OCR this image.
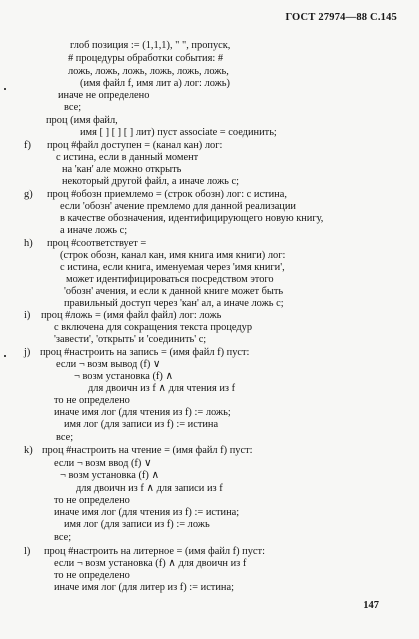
ГОСТ 27974—88 С.145
глоб позиция := (1,1,1), " ", пропуск,
# процедуры обработки события: #
ложь, ложь, ложь, ложь, ложь, ложь,
(имя файл f, имя лит а) лог: ложь)
иначе не определено
все;
проц (имя файл,
имя [ ] [ ] [ ] лит) пуст associate = соединить;
f) проц #файл доступен = (канал кан) лог:
с истина, если в данный момент
на 'кан' але можно открыть
некоторый другой файл, а иначе ложь с;
g) проц #обозн приемлемо = (строк обозн) лог: с истина,
если 'обозн' ачение премлемо для данной реализации
в качестве обозначения, идентифицирующего новую книгу,
а иначе ложь с;
h) проц #соответствует =
(строк обозн, канал кан, имя книга имя книги) лог:
с истина, если книга, именуемая через 'имя книги',
может идентифицироваться посредством этого
'обозн' ачения, и если к данной книге может быть
правильный доступ через 'кан' ал, а иначе ложь с;
i) проц #ложь = (имя файл файл) лог: ложь
с включена для сокращения текста процедур
'завести', 'открыть' и 'соединить' с;
j) проц #настроить на запись = (имя файл f) пуст:
если ¬ возм вывод (f) ∨
¬ возм установка (f) ∧
для двоичн из f ∧ для чтения из f
то не определено
иначе имя лог (для чтения из f) := ложь;
имя лог (для записи из f) := истина
все;
k) проц #настроить на чтение = (имя файл f) пуст:
если ¬ возм ввод (f) ∨
¬ возм установка (f) ∧
для двоичн из f ∧ для записи из f
то не определено
иначе имя лог (для чтения из f) := истина;
имя лог (для записи из f) := ложь
все;
l) проц #настроить на литерное = (имя файл f) пуст:
если ¬ возм установка (f) ∧ для двоичн из f
то не определено
иначе имя лог (для литер из f) := истина;
147
